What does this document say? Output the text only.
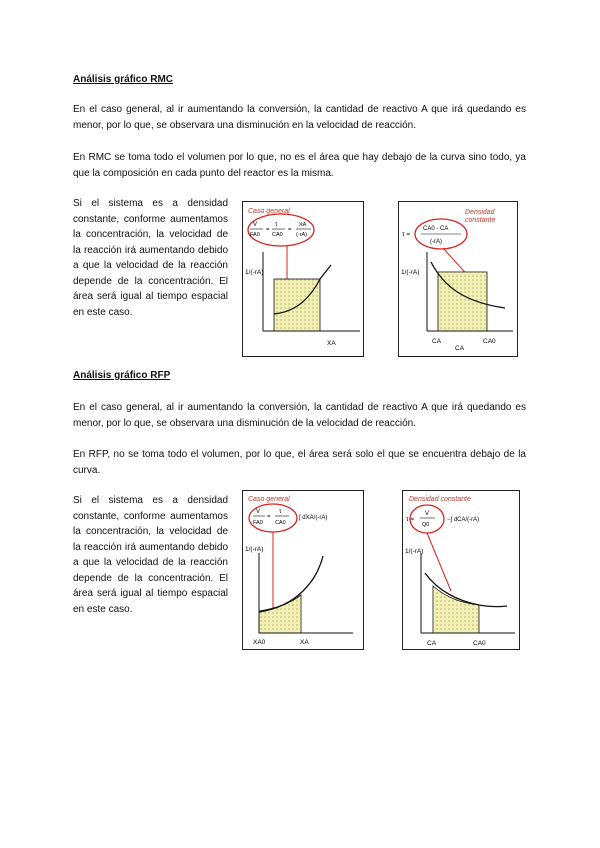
Análisis gráfico RMC

En el caso general, al ir aumentando la conversión, la cantidad de reactivo A que irá quedando es menor, por lo que, se observara una disminución en la velocidad de reacción.

En RMC se toma todo el volumen por lo que, no es el área que hay debajo de la curva sino todo, ya que la composición en cada punto del reactor es la misma.

Si el sistema es a densidad constante, conforme aumentamos la concentración, la velocidad de la reacción irá aumentando debido a que la velocidad de la reacción depende de la concentración. El área será igual al tiempo espacial en este caso.

Caso general
V
FA0
=
τ
CA0
=
XA
(-rA)
1/(-rA)
XA
Densidad
constante
τ =
CA0 - CA
(-rA)
1/(-rA)
CA	CA0
CA

Análisis gráfico RFP

En el caso general, al ir aumentando la conversión, la cantidad de reactivo A que irá quedando es menor, por lo que, se observara una disminución de la velocidad de reacción.

En RFP, no se toma todo el volumen, por lo que, el área será solo el que se encuentra debajo de la curva.

Si el sistema es a densidad constante, conforme aumentamos la concentración, la velocidad de la reacción irá aumentando debido a que la velocidad de la reacción depende de la concentración. El área será igual al tiempo espacial en este caso.

Caso general
V
FA0
=
τ
CA0
∫ dXA/(-rA)
1/(-rA)
XA0	XA
Densidad constante
τ =
V
Q0
−∫ dCA/(-rA)
1/(-rA)
CA	CA0
